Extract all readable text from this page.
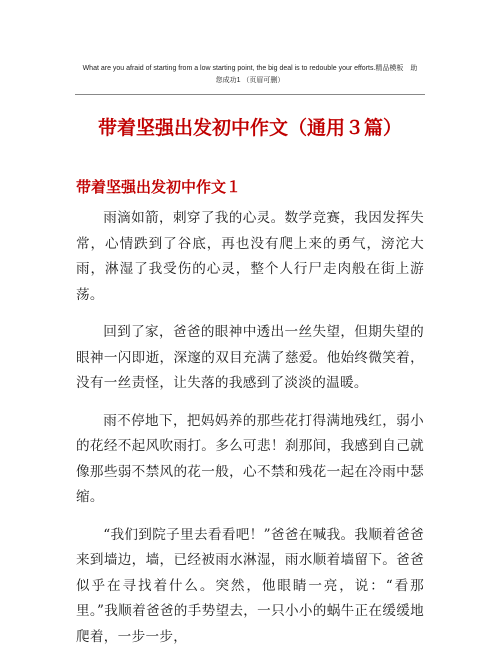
What are you afraid of starting from a low starting point, the big deal is to redouble your efforts.精品模板　助
您成功1 （页眉可删）
带着坚强出发初中作文（通用３篇）
带着坚强出发初中作文１

雨滴如箭，刺穿了我的心灵。数学竞赛，我因发挥失常，心情跌到了谷底，再也没有爬上来的勇气，滂沱大雨，淋湿了我受伤的心灵，整个人行尸走肉般在街上游荡。

回到了家，爸爸的眼神中透出一丝失望，但期失望的眼神一闪即逝，深邃的双目充满了慈爱。他始终微笑着，没有一丝责怪，让失落的我感到了淡淡的温暖。

雨不停地下，把妈妈养的那些花打得满地残红，弱小的花经不起风吹雨打。多么可悲！刹那间，我感到自己就像那些弱不禁风的花一般，心不禁和残花一起在冷雨中瑟缩。

“我们到院子里去看看吧！”爸爸在喊我。我顺着爸爸来到墙边，墙，已经被雨水淋湿，雨水顺着墙留下。爸爸似乎在寻找着什么。突然，他眼睛一亮，说：“看那里。”我顺着爸爸的手势望去，一只小小的蜗牛正在缓缓地爬着，一步一步，
